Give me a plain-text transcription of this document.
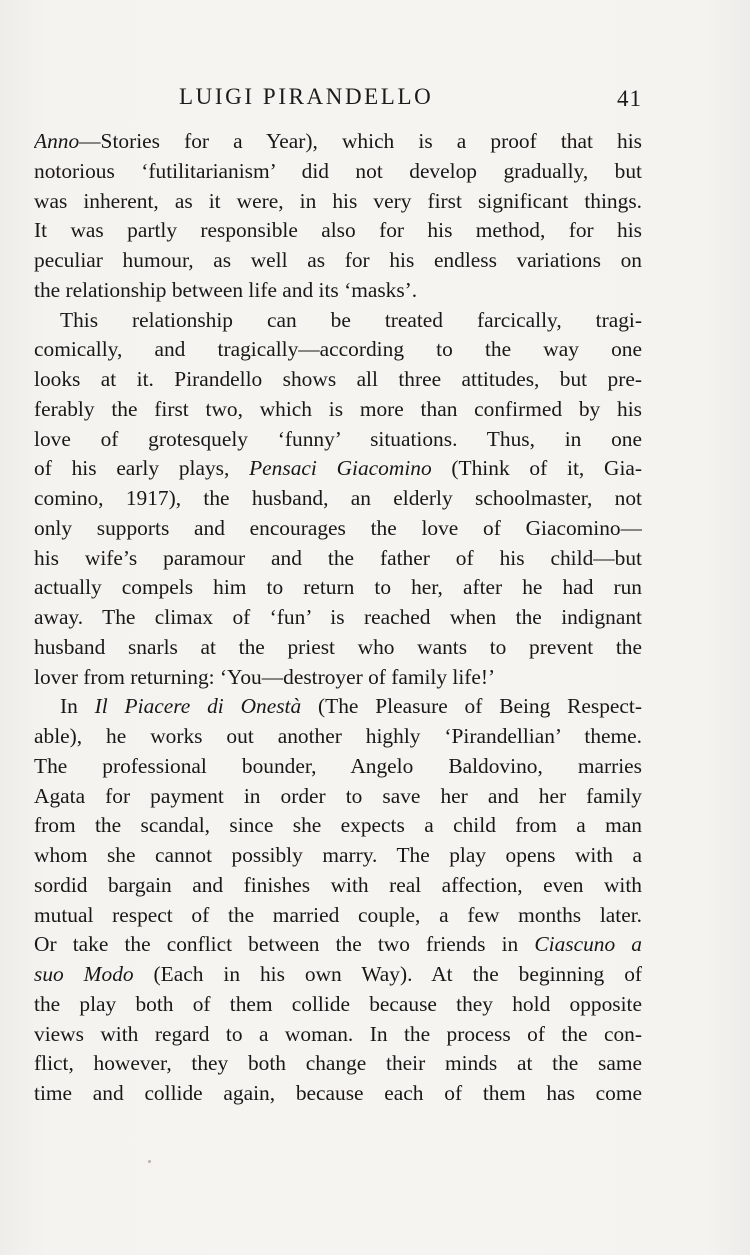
LUIGI PIRANDELLO	41
Anno—Stories for a Year), which is a proof that his
notorious ‘futilitarianism’ did not develop gradually, but
was inherent, as it were, in his very first significant things.
It was partly responsible also for his method, for his
peculiar humour, as well as for his endless variations on
the relationship between life and its ‘masks’.
This relationship can be treated farcically, tragi-
comically, and tragically—according to the way one
looks at it. Pirandello shows all three attitudes, but pre-
ferably the first two, which is more than confirmed by his
love of grotesquely ‘funny’ situations. Thus, in one
of his early plays, Pensaci Giacomino (Think of it, Gia-
comino, 1917), the husband, an elderly schoolmaster, not
only supports and encourages the love of Giacomino—
his wife’s paramour and the father of his child—but
actually compels him to return to her, after he had run
away. The climax of ‘fun’ is reached when the indignant
husband snarls at the priest who wants to prevent the
lover from returning: ‘You—destroyer of family life!’
In Il Piacere di Onestà (The Pleasure of Being Respect-
able), he works out another highly ‘Pirandellian’ theme.
The professional bounder, Angelo Baldovino, marries
Agata for payment in order to save her and her family
from the scandal, since she expects a child from a man
whom she cannot possibly marry. The play opens with a
sordid bargain and finishes with real affection, even with
mutual respect of the married couple, a few months later.
Or take the conflict between the two friends in Ciascuno a
suo Modo (Each in his own Way). At the beginning of
the play both of them collide because they hold opposite
views with regard to a woman. In the process of the con-
flict, however, they both change their minds at the same
time and collide again, because each of them has come
